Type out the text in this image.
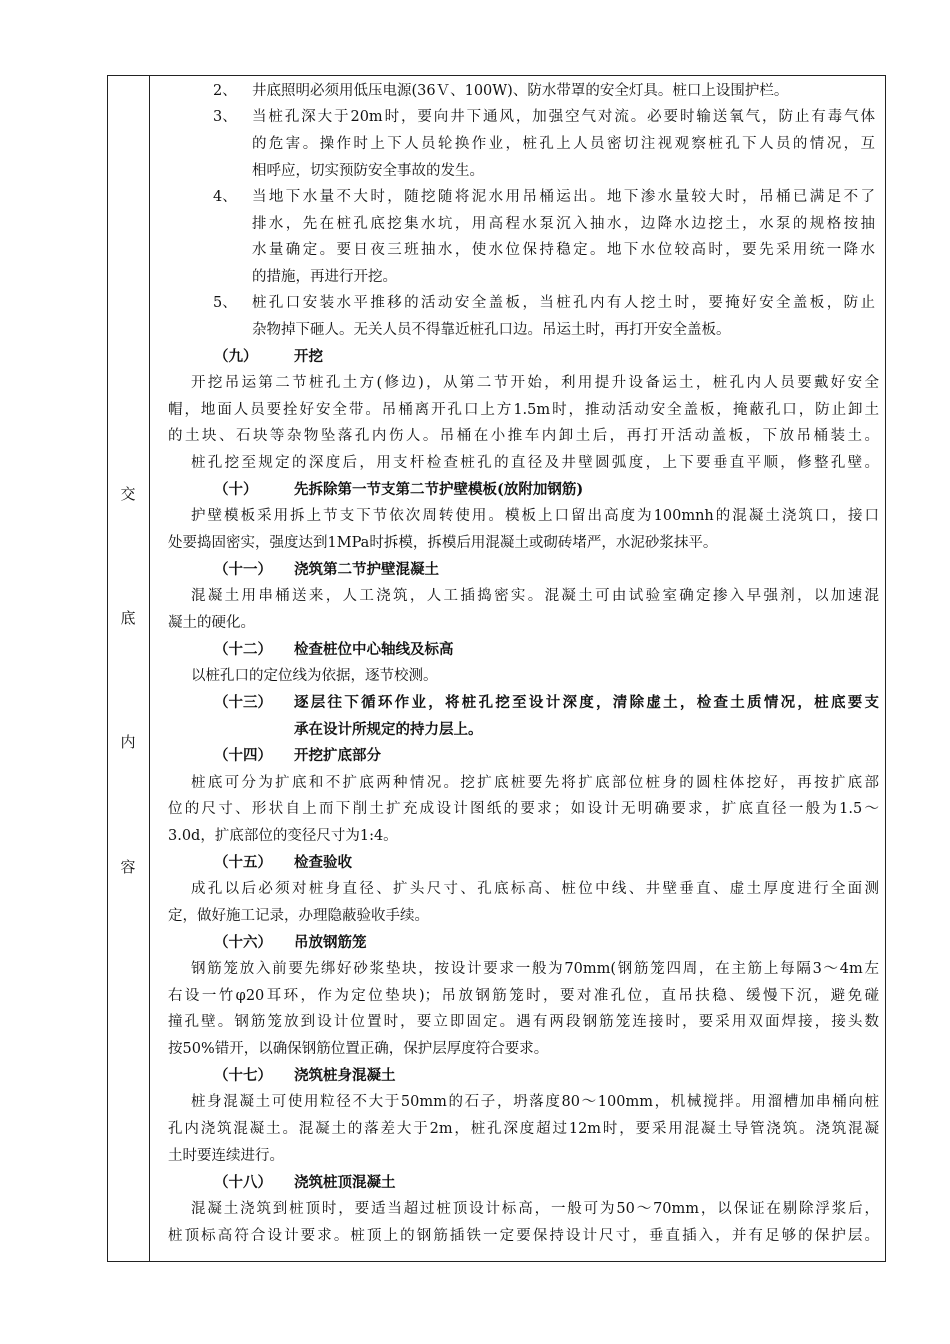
交
底
内
容
2、 井底照明必须用低压电源(36Ｖ、100W)、防水带罩的安全灯具。桩口上设围护栏。
3、 当桩孔深大于20m时，要向井下通风，加强空气对流。必要时输送氧气，防止有毒气体
的危害。操作时上下人员轮换作业，桩孔上人员密切注视观察桩孔下人员的情况，互
相呼应，切实预防安全事故的发生。
4、 当地下水量不大时，随挖随将泥水用吊桶运出。地下渗水量较大时，吊桶已满足不了
排水，先在桩孔底挖集水坑，用高程水泵沉入抽水，边降水边挖土，水泵的规格按抽
水量确定。要日夜三班抽水，使水位保持稳定。地下水位较高时，要先采用统一降水
的措施，再进行开挖。
5、 桩孔口安装水平推移的活动安全盖板，当桩孔内有人挖土时，要掩好安全盖板，防止
杂物掉下砸人。无关人员不得靠近桩孔口边。吊运土时，再打开安全盖板。
（九）	开挖
开挖吊运第二节桩孔土方(修边)，从第二节开始，利用提升设备运土，桩孔内人员要戴好安全
帽，地面人员要拴好安全带。吊桶离开孔口上方1.5m时，推动活动安全盖板，掩蔽孔口，防止卸土
的土块、石块等杂物坠落孔内伤人。吊桶在小推车内卸土后，再打开活动盖板，下放吊桶装土。
桩孔挖至规定的深度后，用支杆检查桩孔的直径及井壁圆弧度，上下要垂直平顺，修整孔壁。
（十）	先拆除第一节支第二节护壁模板(放附加钢筋)
护壁模板采用拆上节支下节依次周转使用。模板上口留出高度为100mnh的混凝土浇筑口，接口
处要捣固密实，强度达到1MPa时拆模，拆模后用混凝土或砌砖堵严，水泥砂浆抹平。
（十一） 浇筑第二节护壁混凝土
混凝土用串桶送来，人工浇筑，人工插捣密实。混凝土可由试验室确定掺入早强剂，以加速混
凝土的硬化。
（十二） 检查桩位中心轴线及标高
以桩孔口的定位线为依据，逐节校测。
（十三） 逐层往下循环作业，将桩孔挖至设计深度，清除虚土，检查土质情况，桩底要支
承在设计所规定的持力层上。
（十四） 开挖扩底部分
桩底可分为扩底和不扩底两种情况。挖扩底桩要先将扩底部位桩身的圆柱体挖好，再按扩底部
位的尺寸、形状自上而下削土扩充成设计图纸的要求；如设计无明确要求，扩底直径一般为1.5～
3.0d，扩底部位的变径尺寸为1:4。
（十五） 检查验收
成孔以后必须对桩身直径、扩头尺寸、孔底标高、桩位中线、井壁垂直、虚土厚度进行全面测
定，做好施工记录，办理隐蔽验收手续。
（十六） 吊放钢筋笼
钢筋笼放入前要先绑好砂浆垫块，按设计要求一般为70mm(钢筋笼四周，在主筋上每隔3～4m左
右设一竹φ20耳环，作为定位垫块)；吊放钢筋笼时，要对准孔位，直吊扶稳、缓慢下沉，避免碰
撞孔壁。钢筋笼放到设计位置时，要立即固定。遇有两段钢筋笼连接时，要采用双面焊接，接头数
按50%错开，以确保钢筋位置正确，保护层厚度符合要求。
（十七） 浇筑桩身混凝土
桩身混凝土可使用粒径不大于50mm的石子，坍落度80～100mm，机械搅拌。用溜槽加串桶向桩
孔内浇筑混凝土。混凝土的落差大于2m，桩孔深度超过12m时，要采用混凝土导管浇筑。浇筑混凝
土时要连续进行。
（十八） 浇筑桩顶混凝土
混凝土浇筑到桩顶时，要适当超过桩顶设计标高，一般可为50～70mm，以保证在剔除浮浆后，
桩顶标高符合设计要求。桩顶上的钢筋插铁一定要保持设计尺寸，垂直插入，并有足够的保护层。
